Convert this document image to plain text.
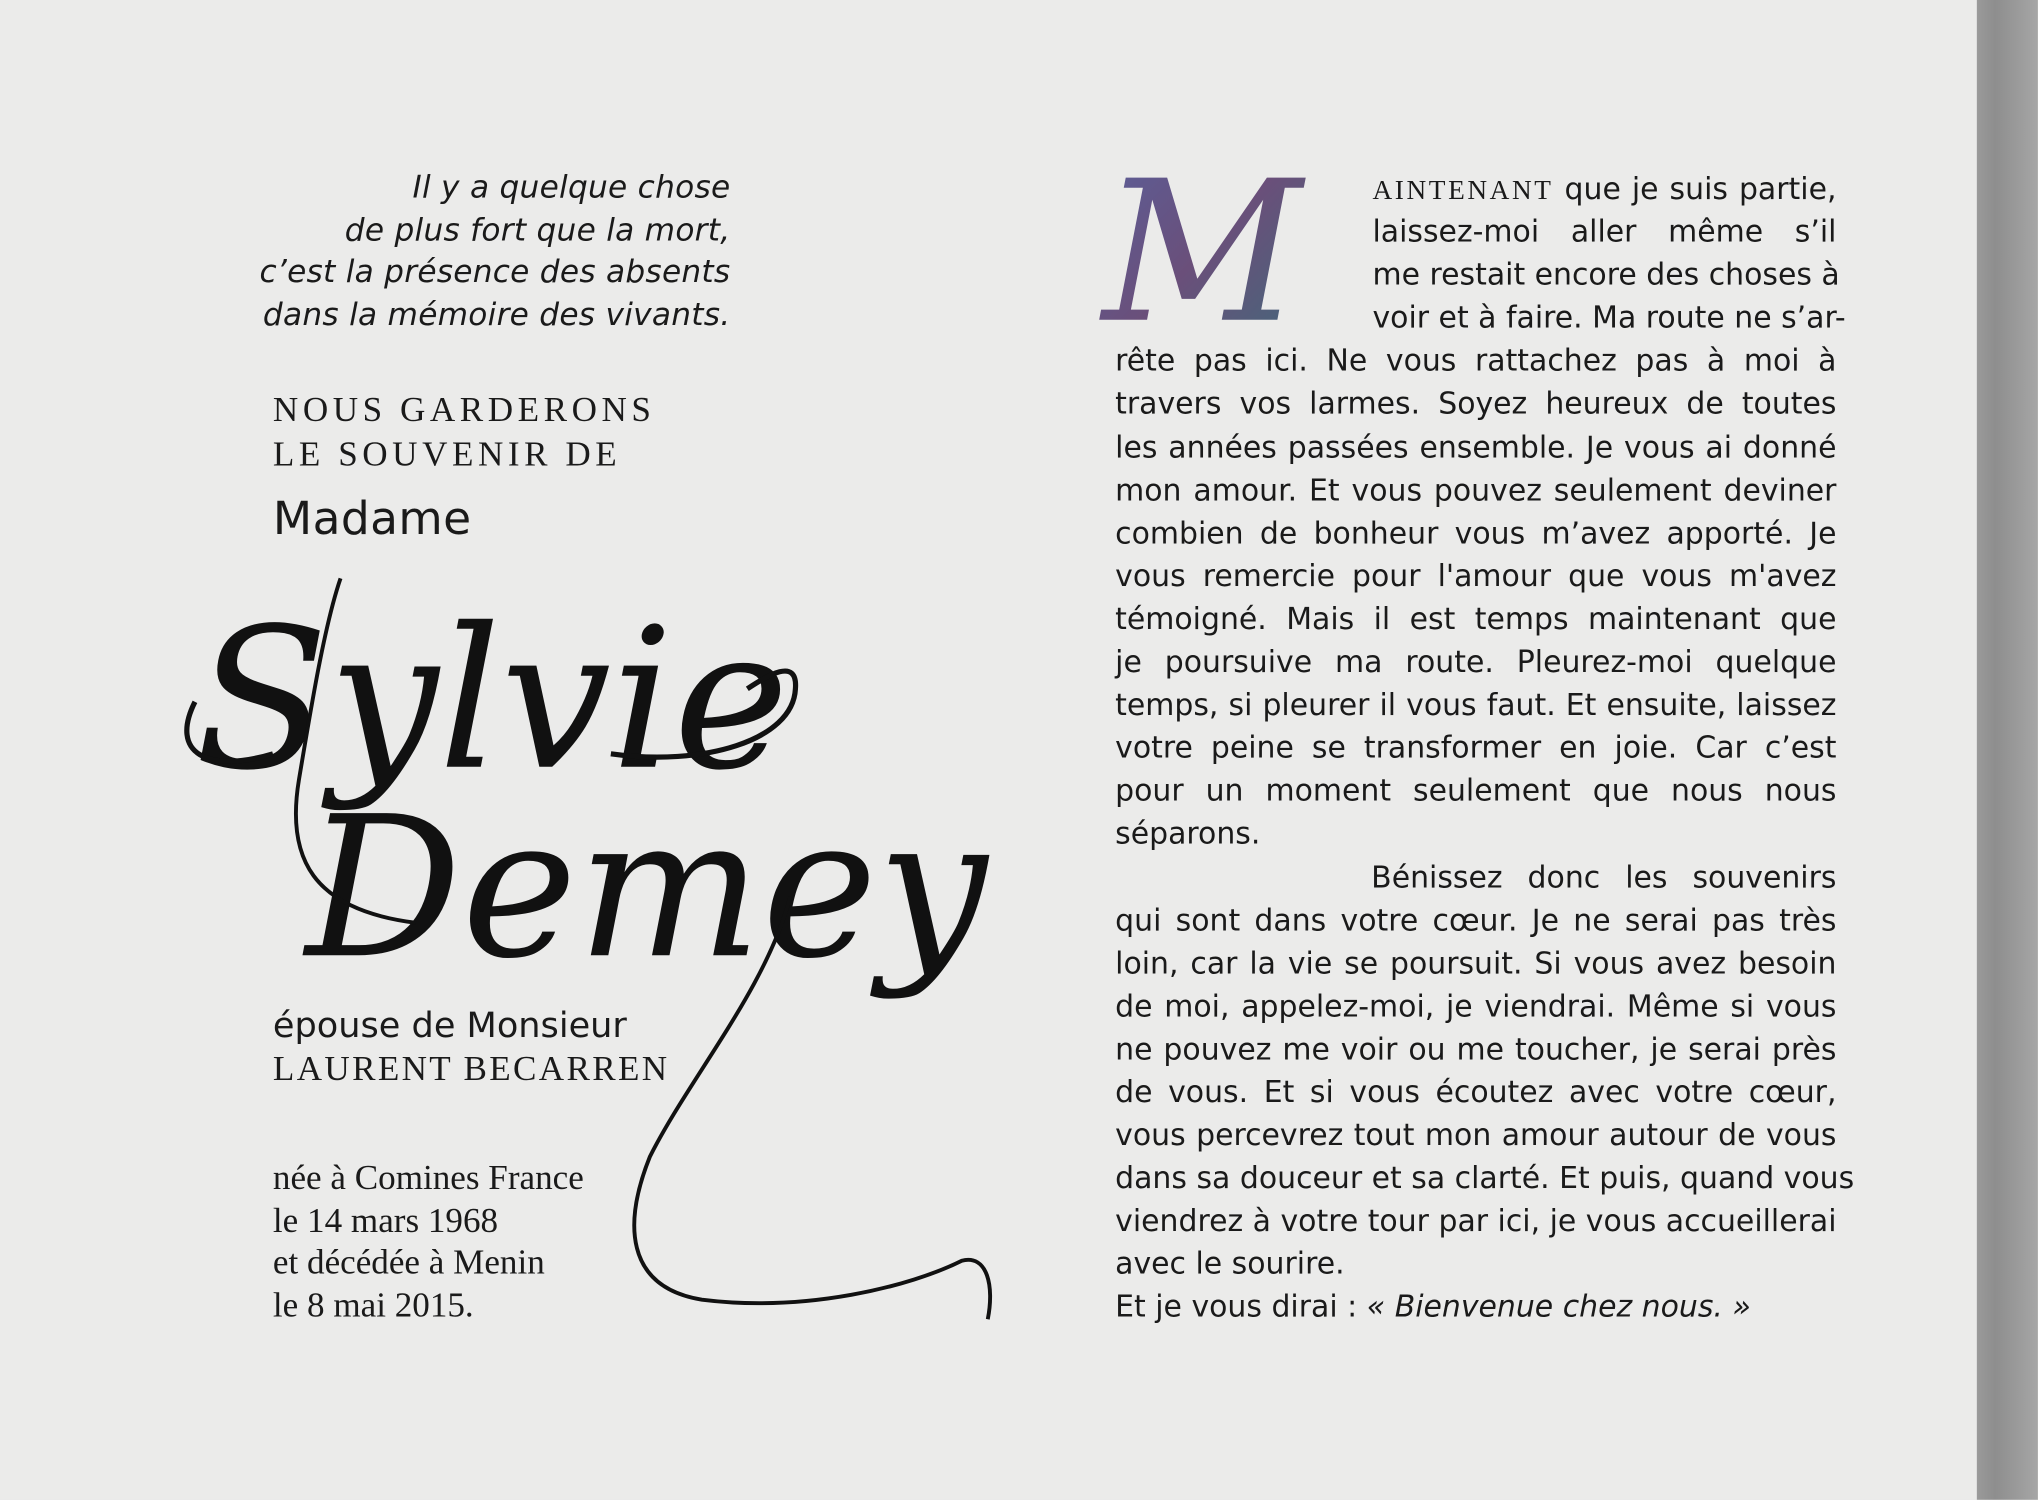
Il y a quelque chose
de plus fort que la mort,
c’est la présence des absents
dans la mémoire des vivants.
NOUS GARDERONS
LE SOUVENIR DE
Madame
Sylvie
Demey
épouse de Monsieur
LAURENT BECARREN
née à Comines France
le 14 mars 1968
et décédée à Menin
le 8 mai 2015.
M	AINTENANT que je suis partie,
laissez-moi aller même s’il
me restait encore des choses à
voir et à faire. Ma route ne s’ar-
rête pas ici. Ne vous rattachez pas à moi à
travers vos larmes. Soyez heureux de toutes
les années passées ensemble. Je vous ai donné
mon amour. Et vous pouvez seulement deviner
combien de bonheur vous m’avez apporté. Je
vous remercie pour l'amour que vous m'avez
témoigné. Mais il est temps maintenant que
je poursuive ma route. Pleurez-moi quelque
temps, si pleurer il vous faut. Et ensuite, laissez
votre peine se transformer en joie. Car c’est
pour un moment seulement que nous nous
séparons.
Bénissez donc les souvenirs
qui sont dans votre cœur. Je ne serai pas très
loin, car la vie se poursuit. Si vous avez besoin
de moi, appelez-moi, je viendrai. Même si vous
ne pouvez me voir ou me toucher, je serai près
de vous. Et si vous écoutez avec votre cœur,
vous percevrez tout mon amour autour de vous
dans sa douceur et sa clarté. Et puis, quand vous
viendrez à votre tour par ici, je vous accueillerai
avec le sourire.
Et je vous dirai : « Bienvenue chez nous. »
